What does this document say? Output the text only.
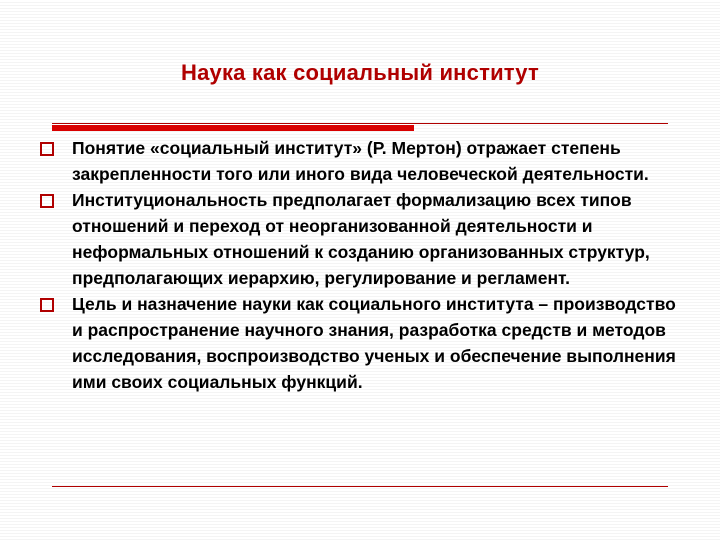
Наука как социальный институт
Понятие «социальный институт» (Р. Мертон) отражает степень закрепленности того или иного вида человеческой деятельности.
Институциональность предполагает формализацию всех типов отношений и переход от неорганизованной деятельности и неформальных отношений к созданию организованных структур, предполагающих иерархию, регулирование и регламент.
Цель и назначение науки как социального института – производство и распространение научного знания, разработка средств и методов исследования, воспроизводство ученых и обеспечение выполнения ими своих социальных функций.
